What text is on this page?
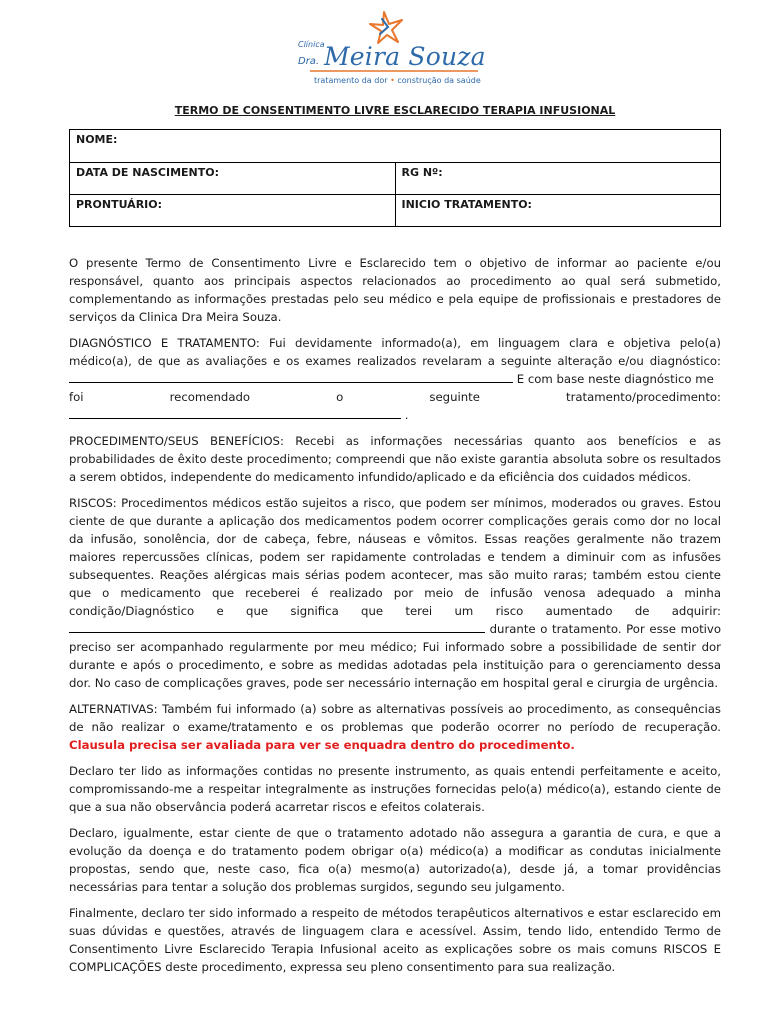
Clínica
Dra. Meira Souza
tratamento da dor • construção da saúde
TERMO DE CONSENTIMENTO LIVRE ESCLARECIDO TERAPIA INFUSIONAL
NOME:	
DATA DE NASCIMENTO:	RG Nº:
PRONTUÁRIO:	INICIO TRATAMENTO:

O presente Termo de Consentimento Livre e Esclarecido tem o objetivo de informar ao paciente e/ou responsável, quanto aos principais aspectos relacionados ao procedimento ao qual será submetido, complementando as informações prestadas pelo seu médico e pela equipe de profissionais e prestadores de serviços da Clinica Dra Meira Souza.

DIAGNÓSTICO E TRATAMENTO: Fui devidamente informado(a), em linguagem clara e objetiva pelo(a) médico(a), de que as avaliações e os exames realizados revelaram a seguinte alteração e/ou diagnóstico:

E com base neste diagnóstico me

foi recomendado o seguinte tratamento/procedimento:

.

PROCEDIMENTO/SEUS BENEFÍCIOS: Recebi as informações necessárias quanto aos benefícios e as probabilidades de êxito deste procedimento; compreendi que não existe garantia absoluta sobre os resultados a serem obtidos, independente do medicamento infundido/aplicado e da eficiência dos cuidados médicos.

RISCOS: Procedimentos médicos estão sujeitos a risco, que podem ser mínimos, moderados ou graves. Estou ciente de que durante a aplicação dos medicamentos podem ocorrer complicações gerais como dor no local da infusão, sonolência, dor de cabeça, febre, náuseas e vômitos. Essas reações geralmente não trazem maiores repercussões clínicas, podem ser rapidamente controladas e tendem a diminuir com as infusões subsequentes. Reações alérgicas mais sérias podem acontecer, mas são muito raras; também estou ciente que o medicamento que receberei é realizado por meio de infusão venosa adequado a minha condição/Diagnóstico e que significa que terei um risco aumentado de adquirir:

durante o tratamento. Por esse motivo preciso ser acompanhado regularmente por meu médico; Fui informado sobre a possibilidade de sentir dor durante e após o procedimento, e sobre as medidas adotadas pela instituição para o gerenciamento dessa dor. No caso de complicações graves, pode ser necessário internação em hospital geral e cirurgia de urgência.

ALTERNATIVAS: Também fui informado (a) sobre as alternativas possíveis ao procedimento, as consequências de não realizar o exame/tratamento e os problemas que poderão ocorrer no período de recuperação. Clausula precisa ser avaliada para ver se enquadra dentro do procedimento.

Declaro ter lido as informações contidas no presente instrumento, as quais entendi perfeitamente e aceito, compromissando-me a respeitar integralmente as instruções fornecidas pelo(a) médico(a), estando ciente de que a sua não observância poderá acarretar riscos e efeitos colaterais.

Declaro, igualmente, estar ciente de que o tratamento adotado não assegura a garantia de cura, e que a evolução da doença e do tratamento podem obrigar o(a) médico(a) a modificar as condutas inicialmente propostas, sendo que, neste caso, fica o(a) mesmo(a) autorizado(a), desde já, a tomar providências necessárias para tentar a solução dos problemas surgidos, segundo seu julgamento.

Finalmente, declaro ter sido informado a respeito de métodos terapêuticos alternativos e estar esclarecido em suas dúvidas e questões, através de linguagem clara e acessível. Assim, tendo lido, entendido Termo de Consentimento Livre Esclarecido Terapia Infusional aceito as explicações sobre os mais comuns RISCOS E COMPLICAÇÕES deste procedimento, expressa seu pleno consentimento para sua realização.
